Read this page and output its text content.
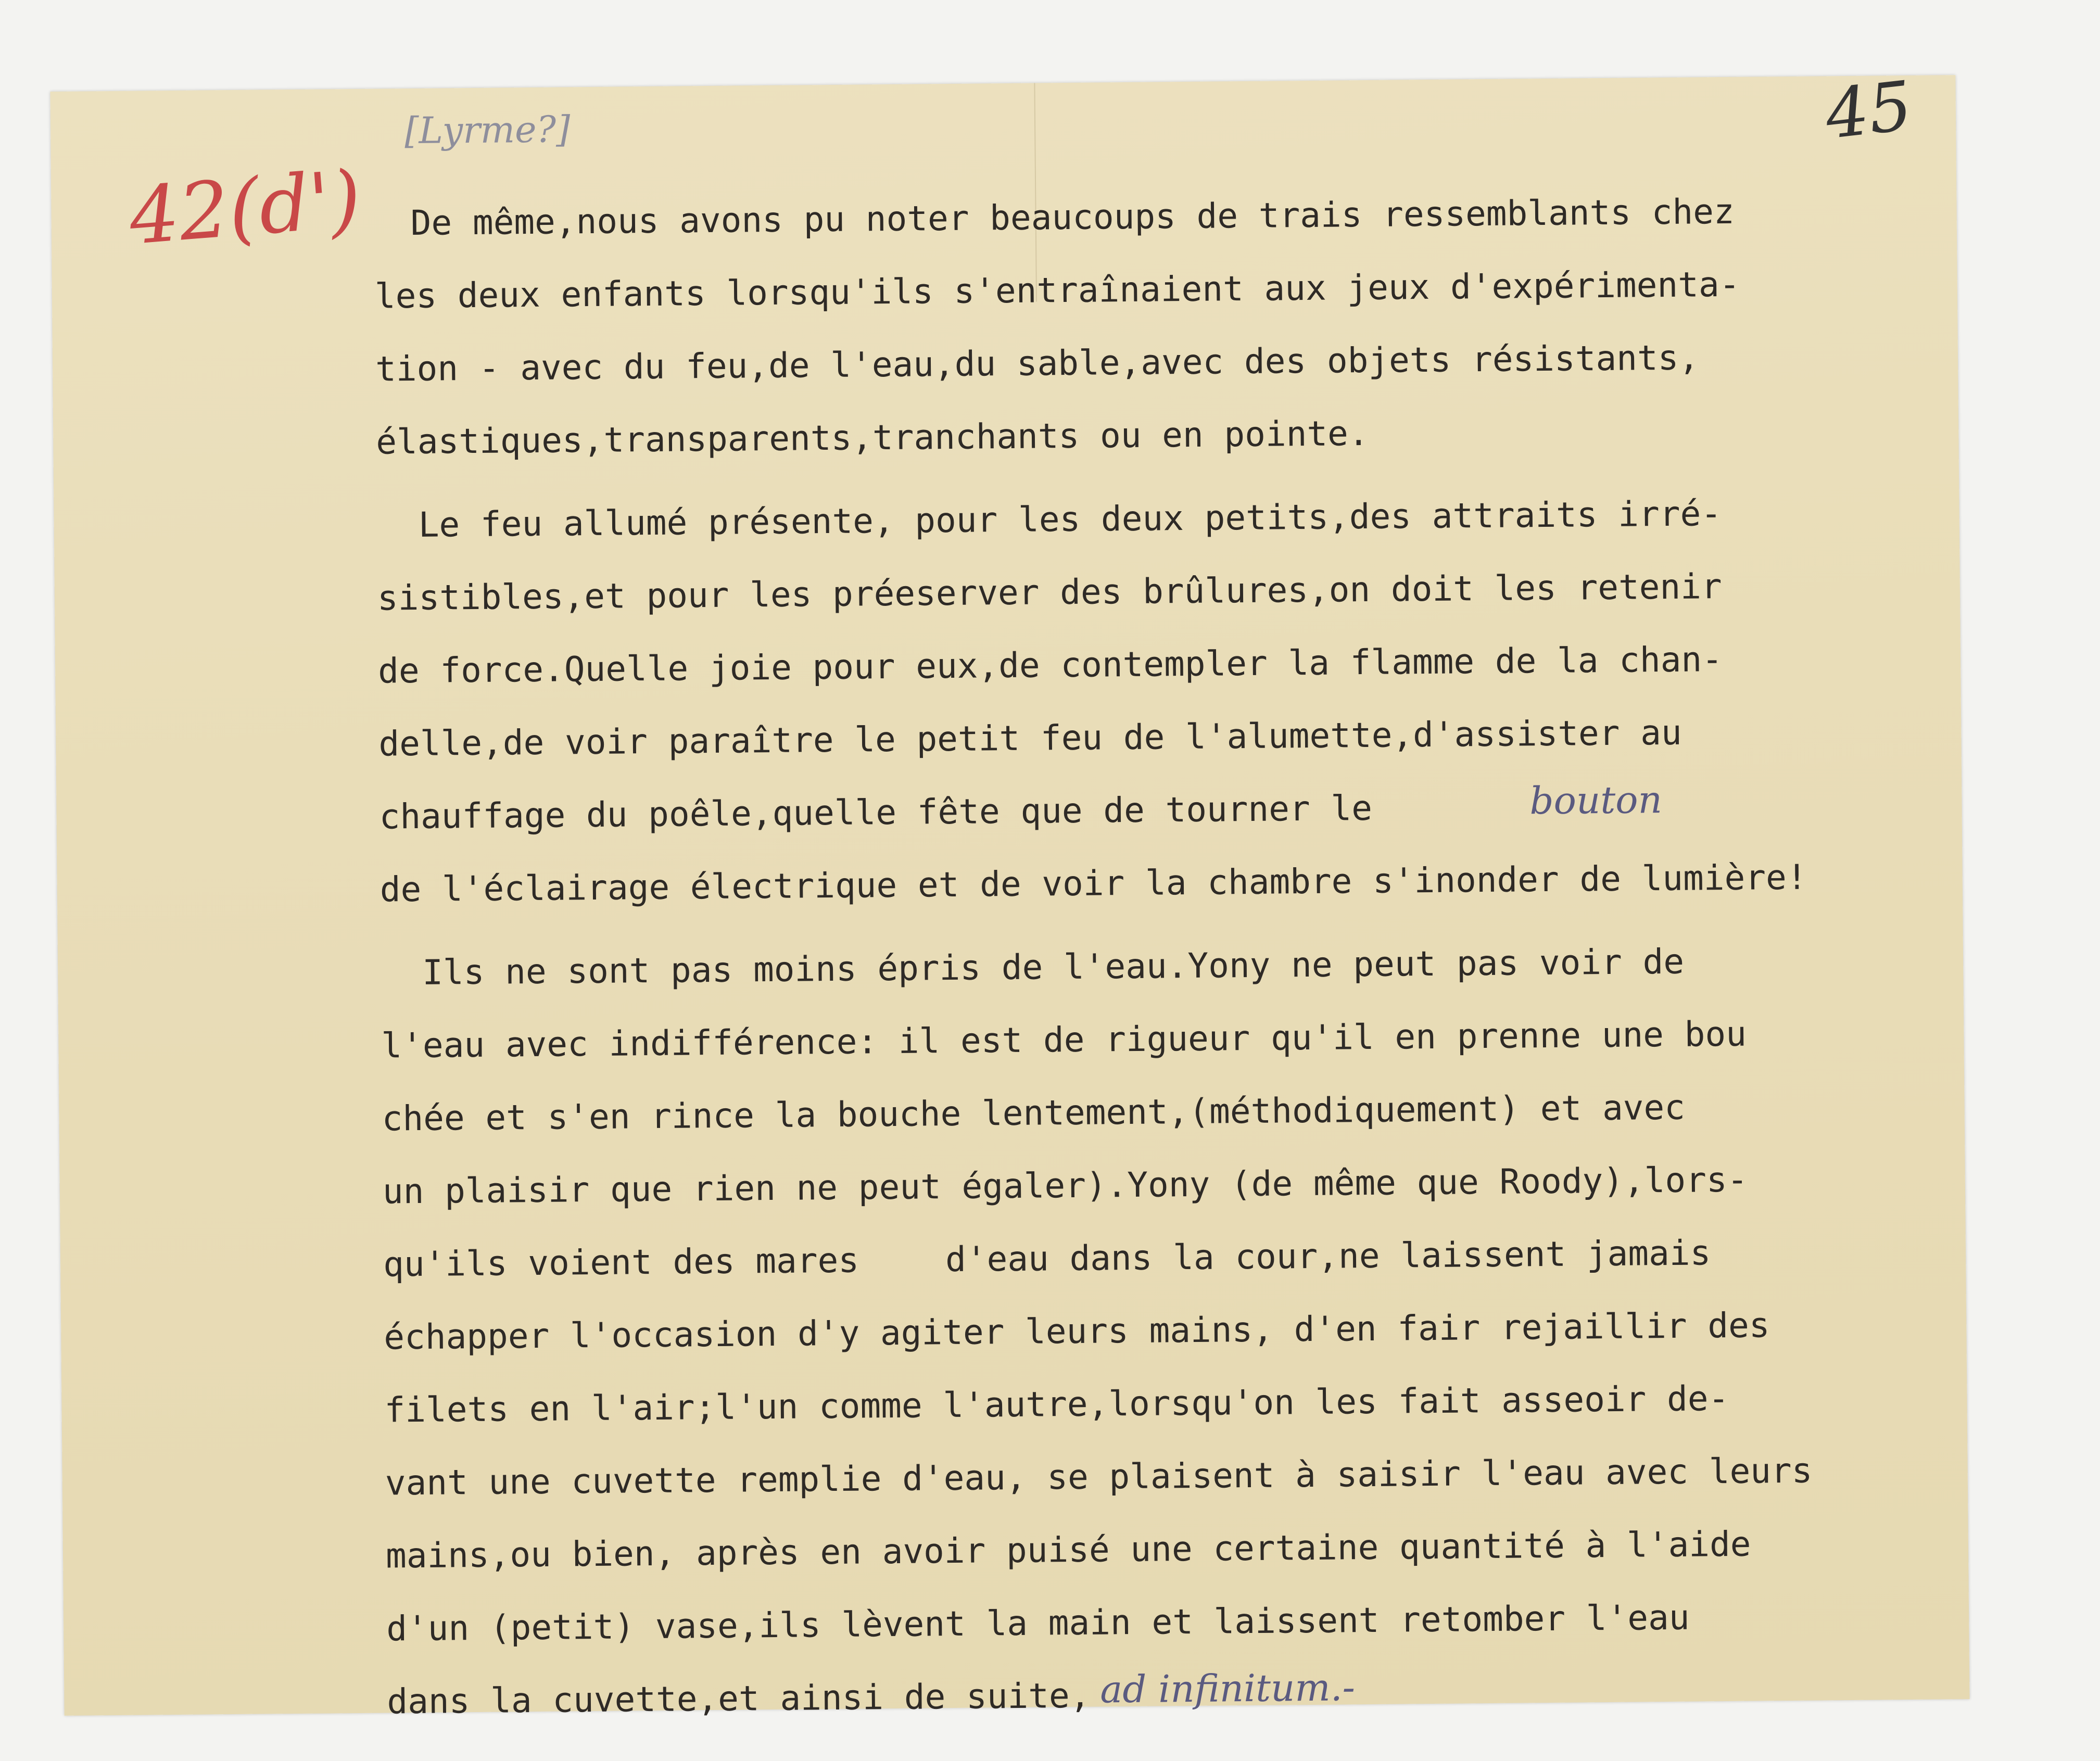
42(d')
[Lyrme?]	45
De même,nous avons pu noter beaucoups de trais ressemblants chez
les deux enfants lorsqu'ils s'entraînaient aux jeux d'expérimenta-
tion - avec du feu,de l'eau,du sable,avec des objets résistants,
élastiques,transparents,tranchants ou en pointe.
Le feu allumé présente, pour les deux petits,des attraits irré-
sistibles,et pour les préeserver des brûlures,on doit les retenir
de force.Quelle joie pour eux,de contempler la flamme de la chan-
delle,de voir paraître le petit feu de l'alumette,d'assister au
chauffage du poêle,quelle fête que de tourner le	bouton
de l'éclairage électrique et de voir la chambre s'inonder de lumière!
Ils ne sont pas moins épris de l'eau.Yony ne peut pas voir de
l'eau avec indifférence: il est de rigueur qu'il en prenne une bou
chée et s'en rince la bouche lentement,(méthodiquement) et avec
un plaisir que rien ne peut égaler).Yony (de même que Roody),lors-
qu'ils voient des mares	d'eau dans la cour,ne laissent jamais
échapper l'occasion d'y agiter leurs mains, d'en fair rejaillir des
filets en l'air;l'un comme l'autre,lorsqu'on les fait asseoir de-
vant une cuvette remplie d'eau, se plaisent à saisir l'eau avec leurs
mains,ou bien, après en avoir puisé une certaine quantité à l'aide
d'un (petit) vase,ils lèvent la main et laissent retomber l'eau
dans la cuvette,et ainsi de suite, ad infinitum.-
